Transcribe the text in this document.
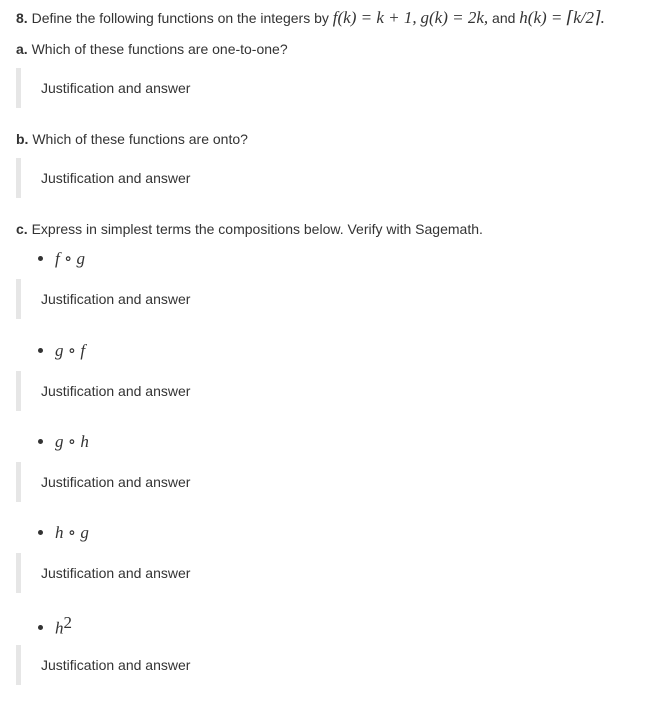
8. Define the following functions on the integers by f(k) = k + 1, g(k) = 2k, and h(k) = ⌈k/2⌉.
a. Which of these functions are one-to-one?
Justification and answer
b. Which of these functions are onto?
Justification and answer
c. Express in simplest terms the compositions below. Verify with Sagemath.
f ∘ g
Justification and answer
g ∘ f
Justification and answer
g ∘ h
Justification and answer
h ∘ g
Justification and answer
$h^2$
Justification and answer
